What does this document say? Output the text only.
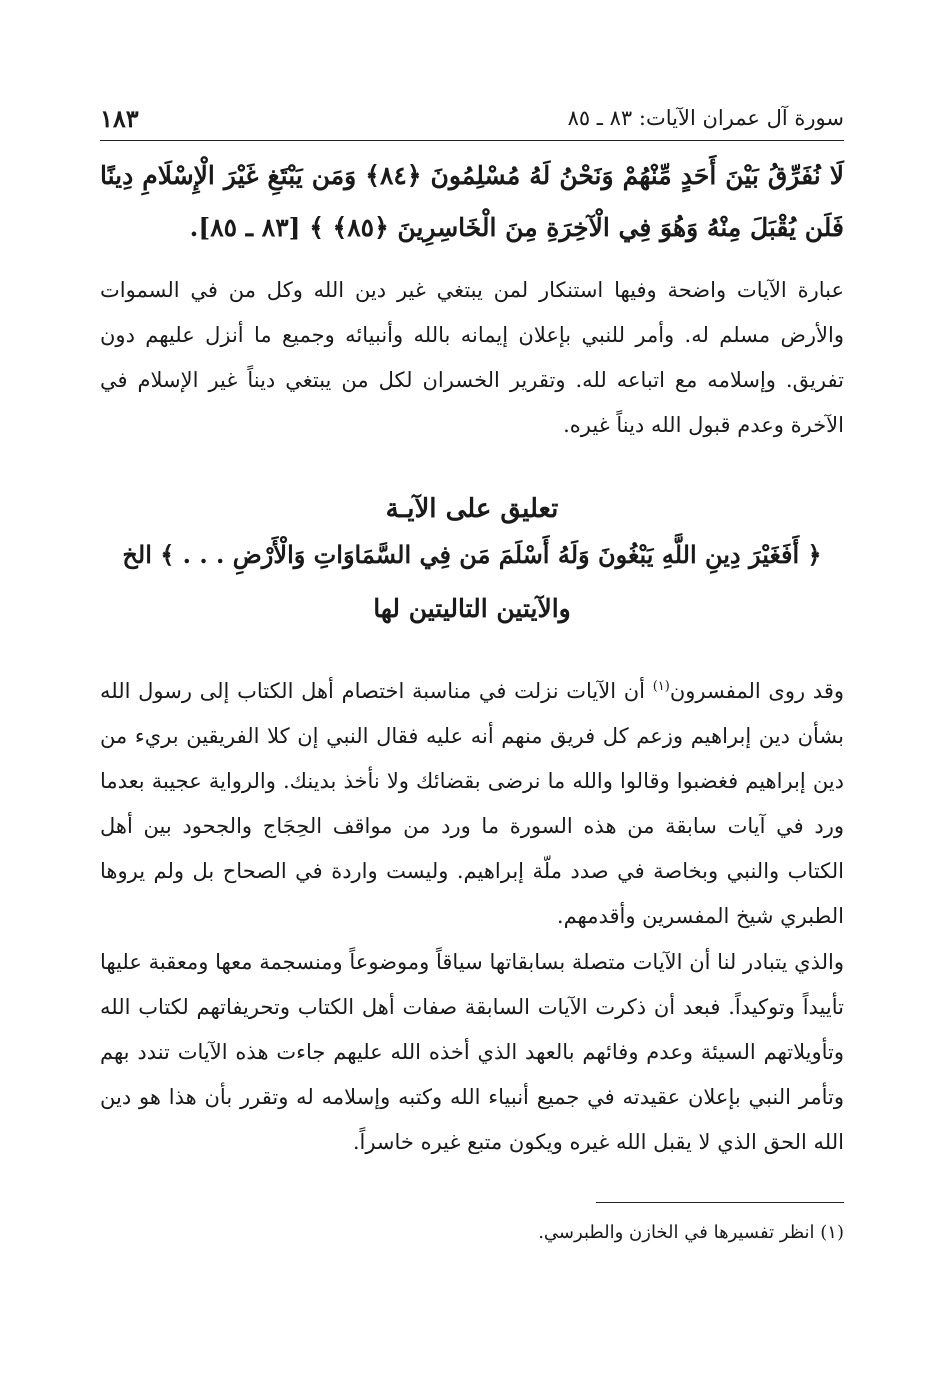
سورة آل عمران الآيات: ٨٣ ـ ٨٥
١٨٣
لَا نُفَرِّقُ بَيْنَ أَحَدٍ مِّنْهُمْ وَنَحْنُ لَهُ مُسْلِمُونَ ﴿٨٤﴾ وَمَن يَبْتَغِ غَيْرَ الْإِسْلَامِ دِينًا فَلَن يُقْبَلَ مِنْهُ وَهُوَ فِي الْآخِرَةِ مِنَ الْخَاسِرِينَ ﴿٨٥﴾ ﴾ [٨٣ ـ ٨٥].
عبارة الآيات واضحة وفيها استنكار لمن يبتغي غير دين الله وكل من في السموات والأرض مسلم له. وأمر للنبي بإعلان إيمانه بالله وأنبيائه وجميع ما أنزل عليهم دون تفريق. وإسلامه مع اتباعه لله. وتقرير الخسران لكل من يبتغي ديناً غير الإسلام في الآخرة وعدم قبول الله ديناً غيره.
تعليق على الآيـة
﴿ أَفَغَيْرَ دِينِ اللَّهِ يَبْغُونَ وَلَهُ أَسْلَمَ مَن فِي السَّمَاوَاتِ وَالْأَرْضِ . . . ﴾ الخ
والآيتين التاليتين لها
وقد روى المفسرون$^{(١)}$ أن الآيات نزلت في مناسبة اختصام أهل الكتاب إلى رسول الله بشأن دين إبراهيم وزعم كل فريق منهم أنه عليه فقال النبي إن كلا الفريقين بريء من دين إبراهيم فغضبوا وقالوا والله ما نرضى بقضائك ولا نأخذ بدينك. والرواية عجيبة بعدما ورد في آيات سابقة من هذه السورة ما ورد من مواقف الحِجَاج والجحود بين أهل الكتاب والنبي وبخاصة في صدد ملّة إبراهيم. وليست واردة في الصحاح بل ولم يروها الطبري شيخ المفسرين وأقدمهم.
والذي يتبادر لنا أن الآيات متصلة بسابقاتها سياقاً وموضوعاً ومنسجمة معها ومعقبة عليها تأييداً وتوكيداً. فبعد أن ذكرت الآيات السابقة صفات أهل الكتاب وتحريفاتهم لكتاب الله وتأويلاتهم السيئة وعدم وفائهم بالعهد الذي أخذه الله عليهم جاءت هذه الآيات تندد بهم وتأمر النبي بإعلان عقيدته في جميع أنبياء الله وكتبه وإسلامه له وتقرر بأن هذا هو دين الله الحق الذي لا يقبل الله غيره ويكون متبع غيره خاسراً.
(١) انظر تفسيرها في الخازن والطبرسي.
